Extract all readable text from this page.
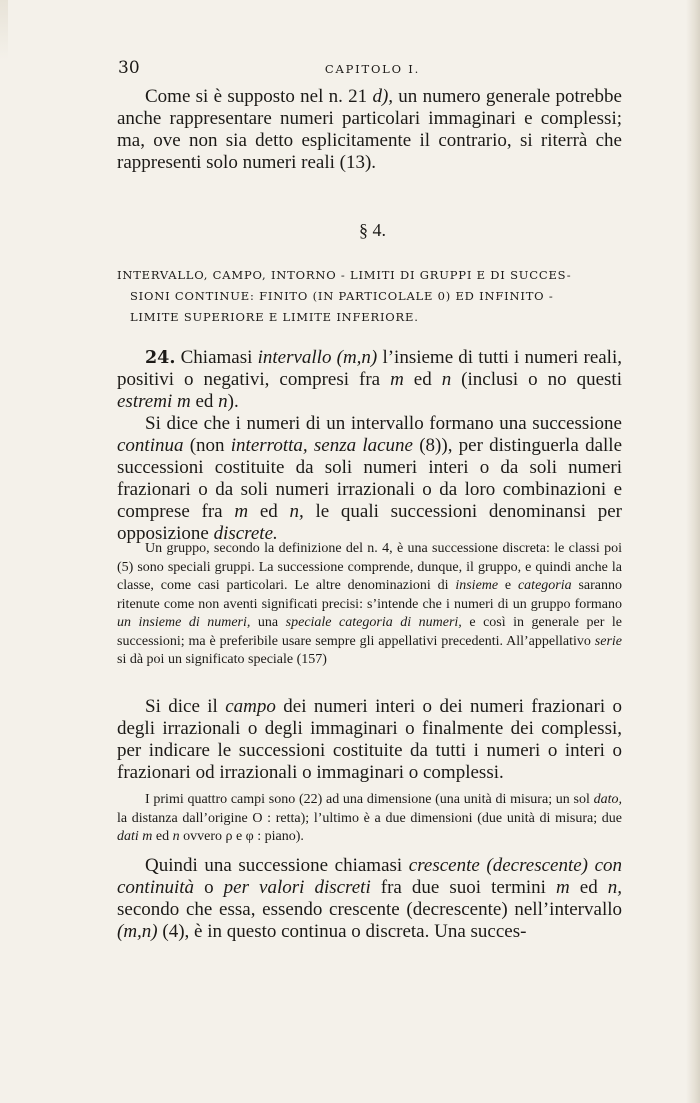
30	CAPITOLO I.

Come si è supposto nel n. 21 d), un numero generale potrebbe anche rappresentare numeri particolari immaginari e complessi; ma, ove non sia detto esplicitamente il contrario, si riterrà che rappresenti solo numeri reali (13).

§ 4.
INTERVALLO, CAMPO, INTORNO - LIMITI DI GRUPPI E DI SUCCES-
SIONI CONTINUE: FINITO (IN PARTICOLALE 0) ED INFINITO -
LIMITE SUPERIORE E LIMITE INFERIORE.

24. Chiamasi intervallo (m,n) l’insieme di tutti i numeri reali, positivi o negativi, compresi fra m ed n (inclusi o no questi estremi m ed n).

Si dice che i numeri di un intervallo formano una successione continua (non interrotta, senza lacune (8)), per distinguerla dalle successioni costituite da soli numeri interi o da soli numeri frazionari o da soli numeri irrazionali o da loro combinazioni e comprese fra m ed n, le quali successioni denominansi per opposizione discrete.

Un gruppo, secondo la definizione del n. 4, è una successione discreta: le classi poi (5) sono speciali gruppi. La successione comprende, dunque, il gruppo, e quindi anche la classe, come casi particolari. Le altre denominazioni di insieme e categoria saranno ritenute come non aventi significati precisi: s’intende che i numeri di un gruppo formano un insieme di numeri, una speciale categoria di numeri, e così in generale per le successioni; ma è preferibile usare sempre gli appellativi precedenti. All’appellativo serie si dà poi un significato speciale (157)

Si dice il campo dei numeri interi o dei numeri frazionari o degli irrazionali o degli immaginari o finalmente dei complessi, per indicare le successioni costituite da tutti i numeri o interi o frazionari od irrazionali o immaginari o complessi.

I primi quattro campi sono (22) ad una dimensione (una unità di misura; un sol dato, la distanza dall’origine O : retta); l’ultimo è a due dimensioni (due unità di misura; due dati m ed n ovvero ρ e φ : piano).

Quindi una successione chiamasi crescente (decrescente) con continuità o per valori discreti fra due suoi termini m ed n, secondo che essa, essendo crescente (decrescente) nell’intervallo (m,n) (4), è in questo continua o discreta. Una succes-
